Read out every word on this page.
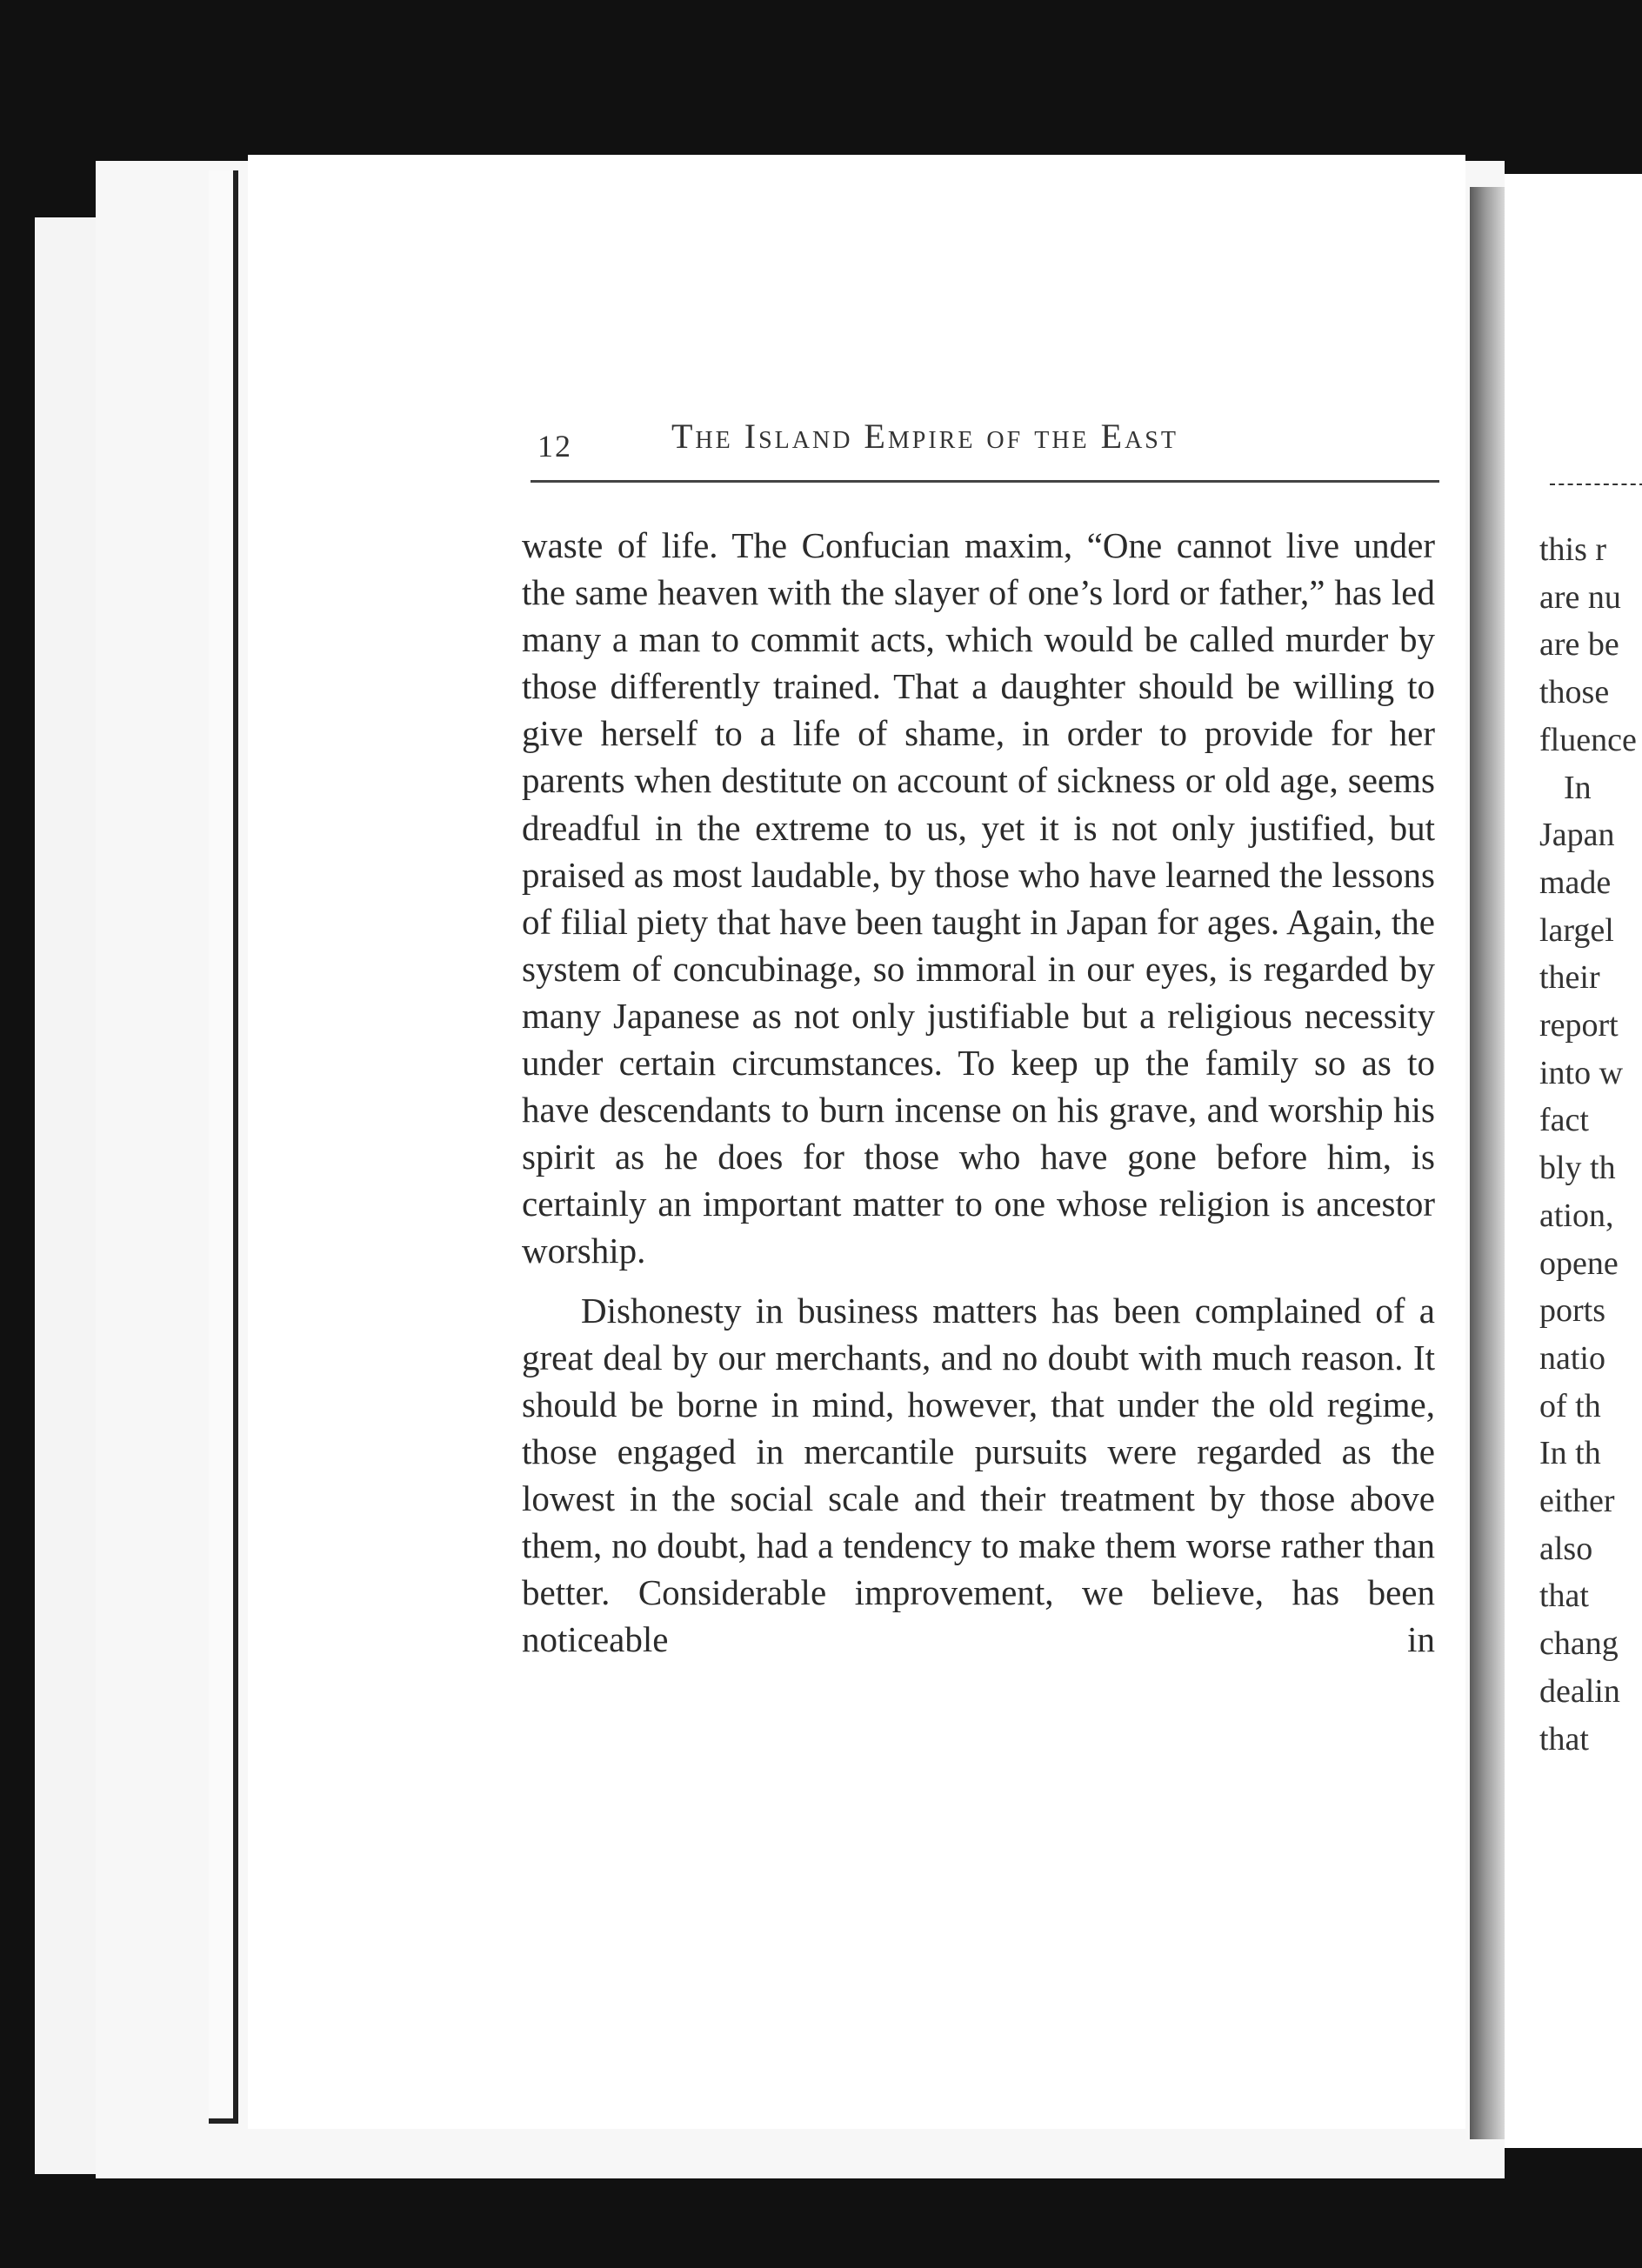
this r
are nu
are be
those
fluence
In
Japan
made
largel
their
report
into w
fact
bly th
ation,
opene
ports
natio
of th
In th
either
also
that
chang
dealin
that
12	The Island Empire of the East

waste of life. The Confucian maxim, “One cannot live under the same heaven with the slayer of one’s lord or father,” has led many a man to commit acts, which would be called murder by those differently trained. That a daughter should be willing to give herself to a life of shame, in order to provide for her parents when destitute on account of sickness or old age, seems dreadful in the extreme to us, yet it is not only justified, but praised as most laudable, by those who have learned the lessons of filial piety that have been taught in Japan for ages. Again, the system of concubinage, so immoral in our eyes, is regarded by many Japanese as not only justifiable but a religious necessity under certain circumstances. To keep up the family so as to have descendants to burn incense on his grave, and worship his spirit as he does for those who have gone before him, is certainly an important matter to one whose religion is ancestor worship.

Dishonesty in business matters has been complained of a great deal by our merchants, and no doubt with much reason. It should be borne in mind, however, that under the old regime, those engaged in mercantile pursuits were regarded as the lowest in the social scale and their treatment by those above them, no doubt, had a tendency to make them worse rather than better. Considerable improvement, we believe, has been noticeable in
